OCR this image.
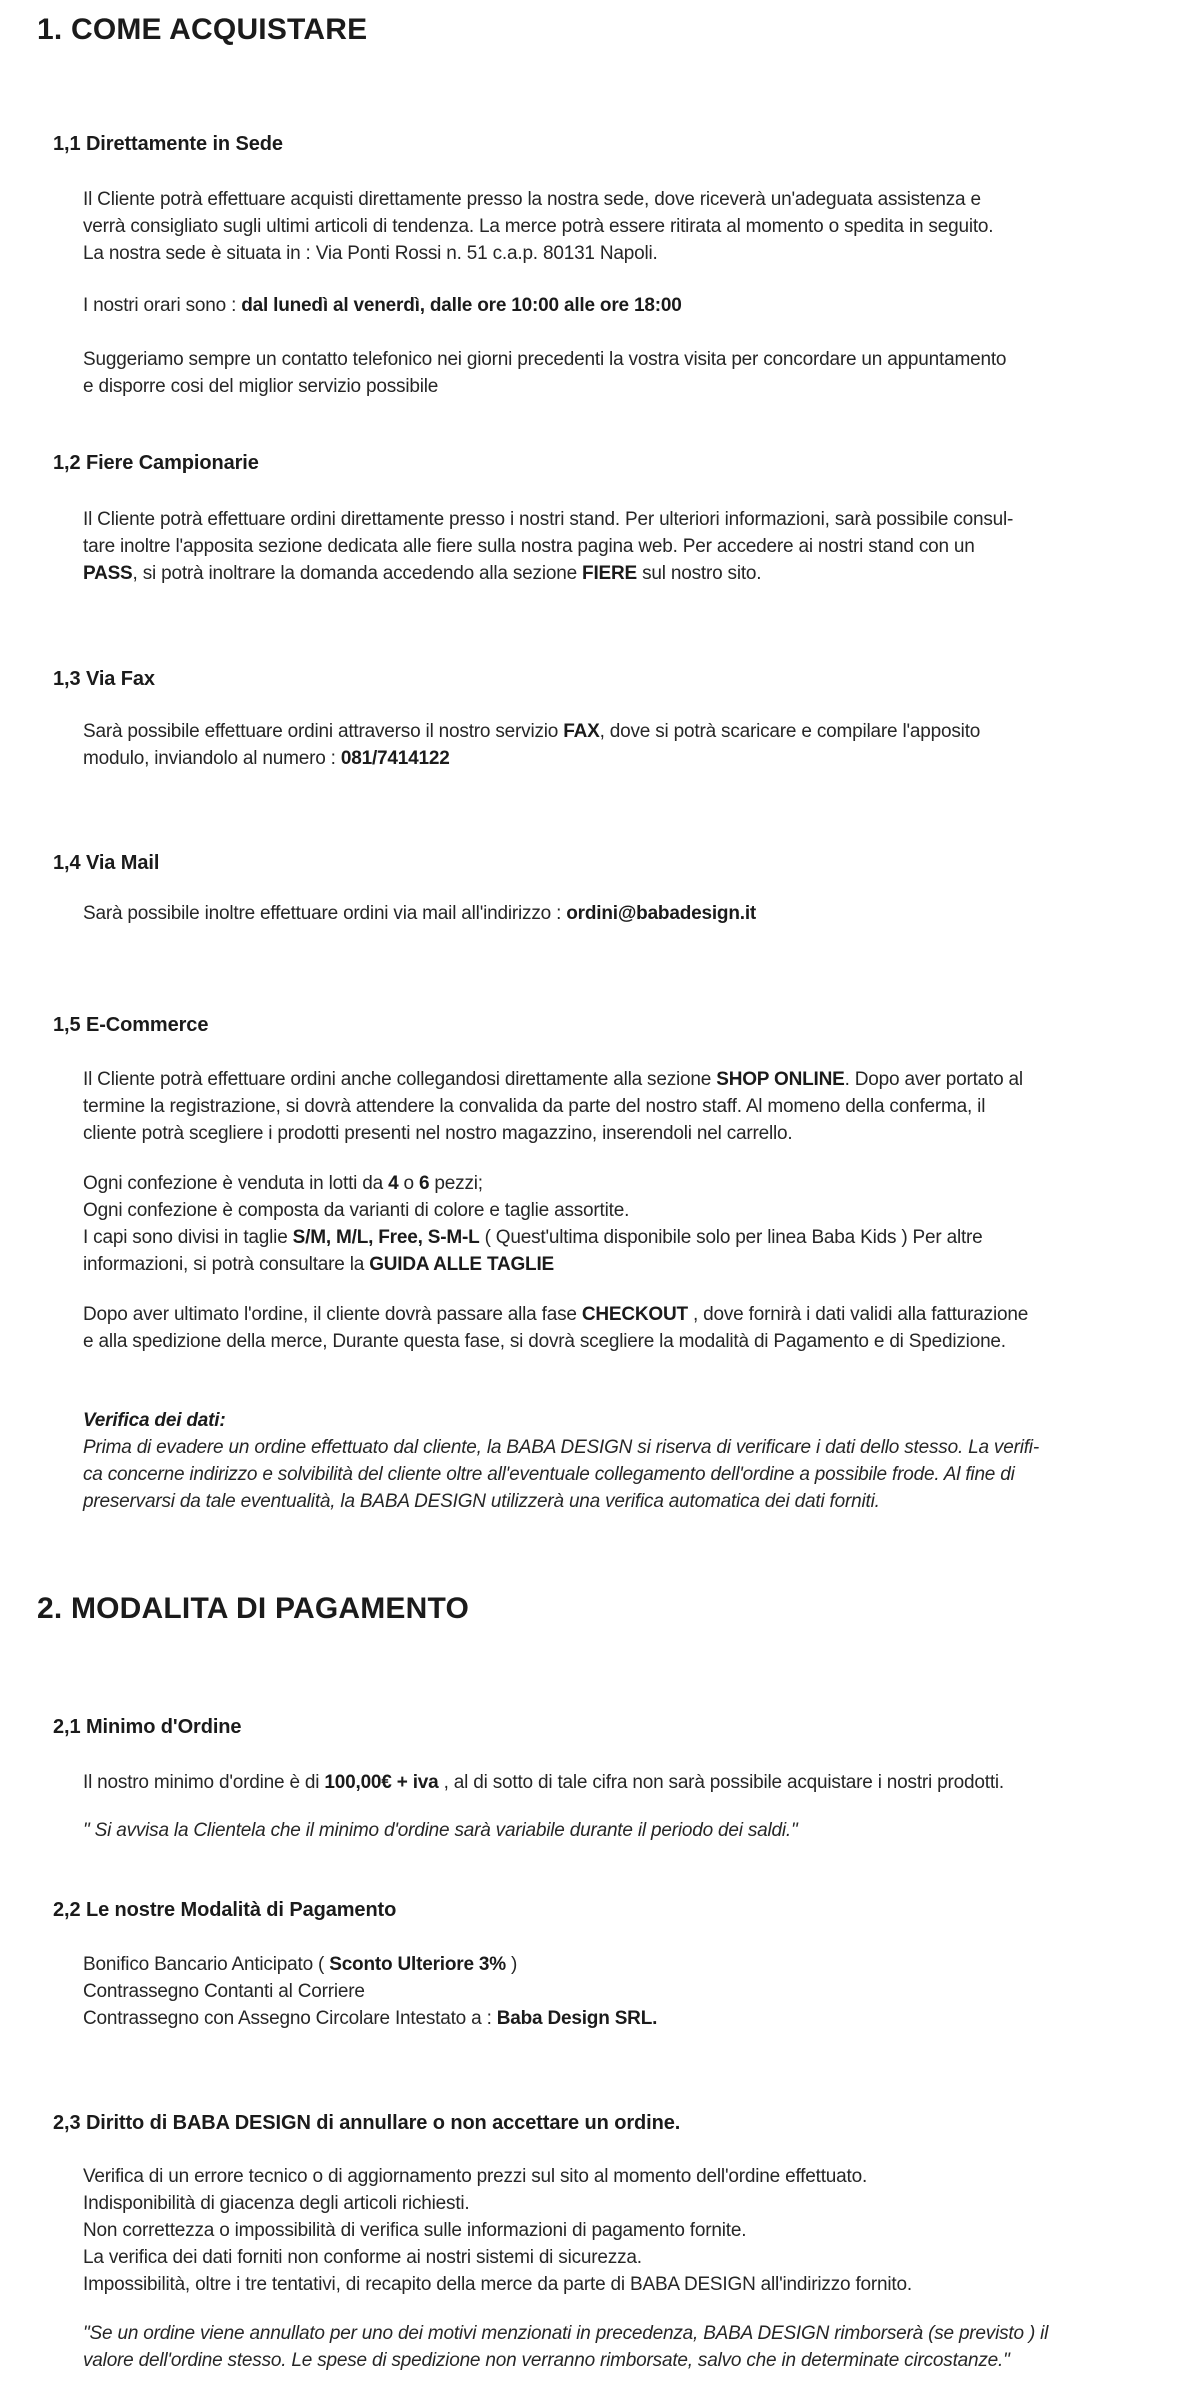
1. COME ACQUISTARE
1,1 Direttamente in Sede
Il Cliente potrà effettuare acquisti direttamente presso la nostra sede, dove riceverà un'adeguata assistenza e
verrà consigliato sugli ultimi articoli di tendenza. La merce potrà essere ritirata al momento o spedita in seguito.
La nostra sede è situata in : Via Ponti Rossi n. 51 c.a.p. 80131 Napoli.
I nostri orari sono : dal lunedì al venerdì, dalle ore 10:00 alle ore 18:00
Suggeriamo sempre un contatto telefonico nei giorni precedenti la vostra visita per concordare un appuntamento
e disporre cosi del miglior servizio possibile
1,2 Fiere Campionarie
Il Cliente potrà effettuare ordini direttamente presso i nostri stand. Per ulteriori informazioni, sarà possibile consul-
tare inoltre l'apposita sezione dedicata alle fiere sulla nostra pagina web. Per accedere ai nostri stand con un
PASS, si potrà inoltrare la domanda accedendo alla sezione FIERE sul nostro sito.
1,3 Via Fax
Sarà possibile effettuare ordini attraverso il nostro servizio FAX, dove si potrà scaricare e compilare l'apposito
modulo, inviandolo al numero : 081/7414122
1,4 Via Mail
Sarà possibile inoltre effettuare ordini via mail all'indirizzo : ordini@babadesign.it
1,5 E-Commerce
Il Cliente potrà effettuare ordini anche collegandosi direttamente alla sezione SHOP ONLINE. Dopo aver portato al
termine la registrazione, si dovrà attendere la convalida da parte del nostro staff. Al momeno della conferma, il
cliente potrà scegliere i prodotti presenti nel nostro magazzino, inserendoli nel carrello.
Ogni confezione è venduta in lotti da 4 o 6 pezzi;
Ogni confezione è composta da varianti di colore e taglie assortite.
I capi sono divisi in taglie S/M, M/L, Free, S-M-L ( Quest'ultima disponibile solo per linea Baba Kids ) Per altre
informazioni, si potrà consultare la GUIDA ALLE TAGLIE
Dopo aver ultimato l'ordine, il cliente dovrà passare alla fase CHECKOUT , dove fornirà i dati validi alla fatturazione
e alla spedizione della merce, Durante questa fase, si dovrà scegliere la modalità di Pagamento e di Spedizione.
Verifica dei dati:
Prima di evadere un ordine effettuato dal cliente, la BABA DESIGN si riserva di verificare i dati dello stesso. La verifi-
ca concerne indirizzo e solvibilità del cliente oltre all'eventuale collegamento dell'ordine a possibile frode. Al fine di
preservarsi da tale eventualità, la BABA DESIGN utilizzerà una verifica automatica dei dati forniti.
2. MODALITA DI PAGAMENTO
2,1 Minimo d'Ordine
Il nostro minimo d'ordine è di 100,00€ + iva , al di sotto di tale cifra non sarà possibile acquistare i nostri prodotti.
" Si avvisa la Clientela che il minimo d'ordine sarà variabile durante il periodo dei saldi."
2,2 Le nostre Modalità di Pagamento
Bonifico Bancario Anticipato ( Sconto Ulteriore 3% )
Contrassegno Contanti al Corriere
Contrassegno con Assegno Circolare Intestato a : Baba Design SRL.
2,3 Diritto di BABA DESIGN di annullare o non accettare un ordine.
Verifica di un errore tecnico o di aggiornamento prezzi sul sito al momento dell'ordine effettuato.
Indisponibilità di giacenza degli articoli richiesti.
Non correttezza o impossibilità di verifica sulle informazioni di pagamento fornite.
La verifica dei dati forniti non conforme ai nostri sistemi di sicurezza.
Impossibilità, oltre i tre tentativi, di recapito della merce da parte di BABA DESIGN all'indirizzo fornito.
"Se un ordine viene annullato per uno dei motivi menzionati in precedenza, BABA DESIGN rimborserà (se previsto ) il
valore dell'ordine stesso. Le spese di spedizione non verranno rimborsate, salvo che in determinate circostanze."
